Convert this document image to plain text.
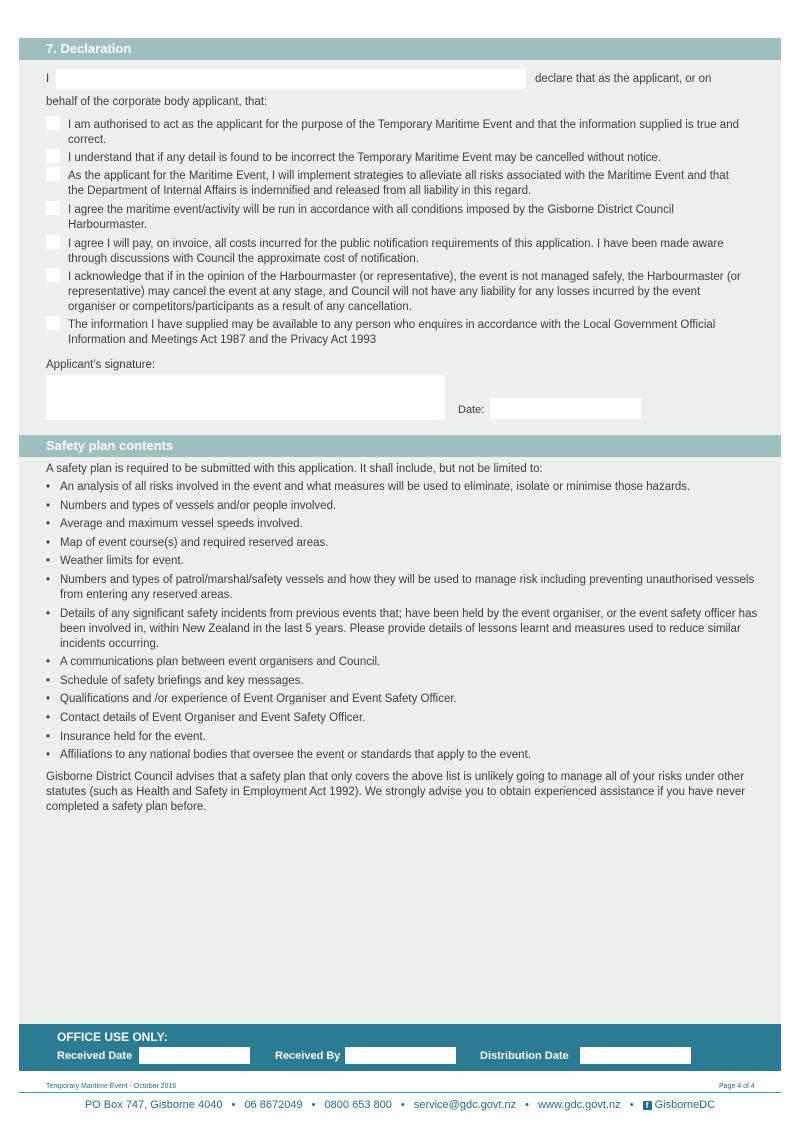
7. Declaration
I	declare that as the applicant, or on
behalf of the corporate body applicant, that:
I am authorised to act as the applicant for the purpose of the Temporary Maritime Event and that the information supplied is true and correct.
I understand that if any detail is found to be incorrect the Temporary Maritime Event may be cancelled without notice.
As the applicant for the Maritime Event, I will implement strategies to alleviate all risks associated with the Maritime Event and that the Department of Internal Affairs is indemnified and released from all liability in this regard.
I agree the maritime event/activity will be run in accordance with all conditions imposed by the Gisborne District Council Harbourmaster.
I agree I will pay, on invoice, all costs incurred for the public notification requirements of this application. I have been made aware through discussions with Council the approximate cost of notification.
I acknowledge that if in the opinion of the Harbourmaster (or representative), the event is not managed safely, the Harbourmaster (or representative) may cancel the event at any stage, and Council will not have any liability for any losses incurred by the event organiser or competitors/participants as a result of any cancellation.
The information I have supplied may be available to any person who enquires in accordance with the Local Government Official Information and Meetings Act 1987 and the Privacy Act 1993
Applicant’s signature:
Date:
Safety plan contents
A safety plan is required to be submitted with this application. It shall include, but not be limited to:
• An analysis of all risks involved in the event and what measures will be used to eliminate, isolate or minimise those hazards.
• Numbers and types of vessels and/or people involved.
• Average and maximum vessel speeds involved.
• Map of event course(s) and required reserved areas.
• Weather limits for event.
• Numbers and types of patrol/marshal/safety vessels and how they will be used to manage risk including preventing unauthorised vessels from entering any reserved areas.
• Details of any significant safety incidents from previous events that; have been held by the event organiser, or the event safety officer has been involved in, within New Zealand in the last 5 years. Please provide details of lessons learnt and measures used to reduce similar incidents occurring.
• A communications plan between event organisers and Council.
• Schedule of safety briefings and key messages.
• Qualifications and /or experience of Event Organiser and Event Safety Officer.
• Contact details of Event Organiser and Event Safety Officer.
• Insurance held for the event.
• Affiliations to any national bodies that oversee the event or standards that apply to the event.
Gisborne District Council advises that a safety plan that only covers the above list is unlikely going to manage all of your risks under other statutes (such as Health and Safety in Employment Act 1992). We strongly advise you to obtain experienced assistance if you have never completed a safety plan before.
OFFICE USE ONLY:
Received Date	Received By	Distribution Date
Temporary Maritime Event - October 2016	Page 4 of 4
PO Box 747, Gisborne 4040 • 06 8672049 • 0800 653 800 • service@gdc.govt.nz • www.gdc.govt.nz • f GisborneDC
